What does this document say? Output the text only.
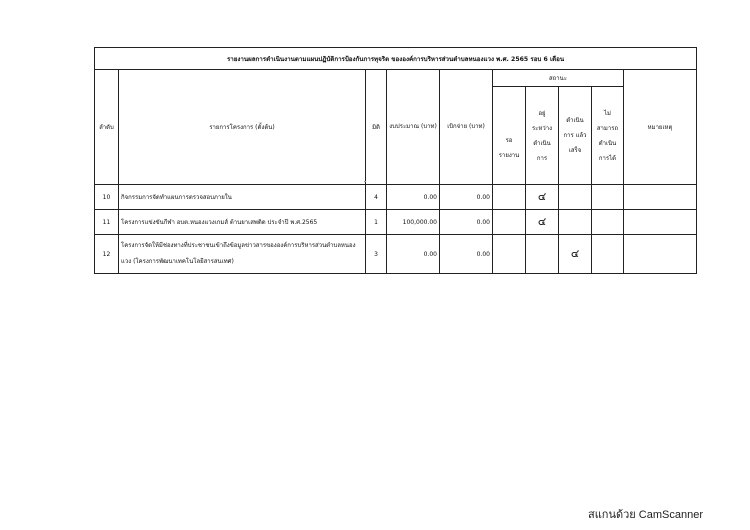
รายงานผลการดำเนินงานตามแผนปฏิบัติการป้องกันการทุจริต ขององค์การบริหารส่วนตำบลหนองแวง พ.ศ. 2565 รอบ 6 เดือน									
ลำดับ	รายการโครงการ (ตั้งต้น)	มิติ	งบประมาณ (บาท)	เบิกจ่าย (บาท)	สถานะ				หมายเหตุ
					รอ รายงาน	อยู่ ระหว่าง ดำเนิน การ	ดำเนิน การ แล้วเสร็จ	ไม่ สามารถ ดำเนิน การได้	
10	กิจกรรมการจัดทำแผนการตรวจสอบภายใน	4	0.00	0.00		๔			
11	โครงการแข่งขันกีฬา อบต.หนองแวงเกมส์ ต้านยาเสพติด ประจำปี พ.ศ.2565	1	100,000.00	0.00		๔			
12	โครงการจัดให้มีช่องทางที่ประชาชนเข้าถึงข้อมูลข่าวสารขององค์การบริหารส่วนตำบลหนองแวง (โครงการพัฒนาเทคโนโลยีสารสนเทศ)	3	0.00	0.00			๔		
สแกนด้วย CamScanner
